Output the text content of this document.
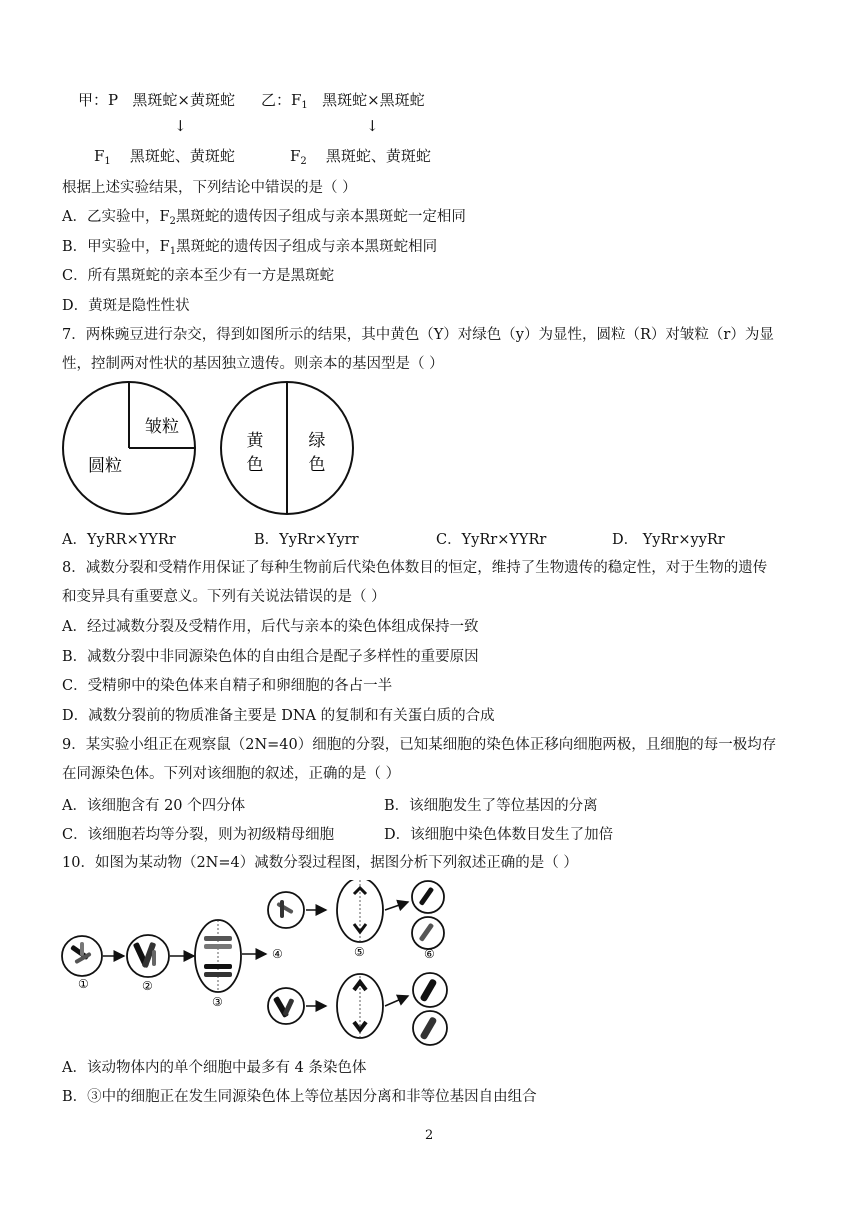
甲：P 黑斑蛇×黄斑蛇 乙：$F_1$ 黑斑蛇×黑斑蛇
↓	↓
$F_1$ 黑斑蛇、黄斑蛇	$F_2$ 黑斑蛇、黄斑蛇
根据上述实验结果，下列结论中错误的是（ ）
A．乙实验中，$F_2$黑斑蛇的遗传因子组成与亲本黑斑蛇一定相同
B．甲实验中，$F_1$黑斑蛇的遗传因子组成与亲本黑斑蛇相同
C．所有黑斑蛇的亲本至少有一方是黑斑蛇
D．黄斑是隐性性状
7．两株豌豆进行杂交，得到如图所示的结果，其中黄色（Y）对绿色（y）为显性，圆粒（R）对皱粒（r）为显
性，控制两对性状的基因独立遗传。则亲本的基因型是（ ）
皱粒
圆粒
黄
色
绿
色
A．YyRR×YYRr	B．YyRr×Yyrr	C．YyRr×YYRr	D． YyRr×yyRr
8．减数分裂和受精作用保证了每种生物前后代染色体数目的恒定，维持了生物遗传的稳定性，对于生物的遗传
和变异具有重要意义。下列有关说法错误的是（ ）
A．经过减数分裂及受精作用，后代与亲本的染色体组成保持一致
B．减数分裂中非同源染色体的自由组合是配子多样性的重要原因
C．受精卵中的染色体来自精子和卵细胞的各占一半
D．减数分裂前的物质准备主要是 DNA 的复制和有关蛋白质的合成
9．某实验小组正在观察鼠（2N=40）细胞的分裂，已知某细胞的染色体正移向细胞两极，且细胞的每一极均存
在同源染色体。下列对该细胞的叙述，正确的是（ ）
A．该细胞含有 20 个四分体	B．该细胞发生了等位基因的分离
C．该细胞若均等分裂，则为初级精母细胞	D．该细胞中染色体数目发生了加倍
10．如图为某动物（2N=4）减数分裂过程图，据图分析下列叙述正确的是（ ）
①	②
③
④	⑤	⑥
A．该动物体内的单个细胞中最多有 4 条染色体
B．③中的细胞正在发生同源染色体上等位基因分离和非等位基因自由组合
2
